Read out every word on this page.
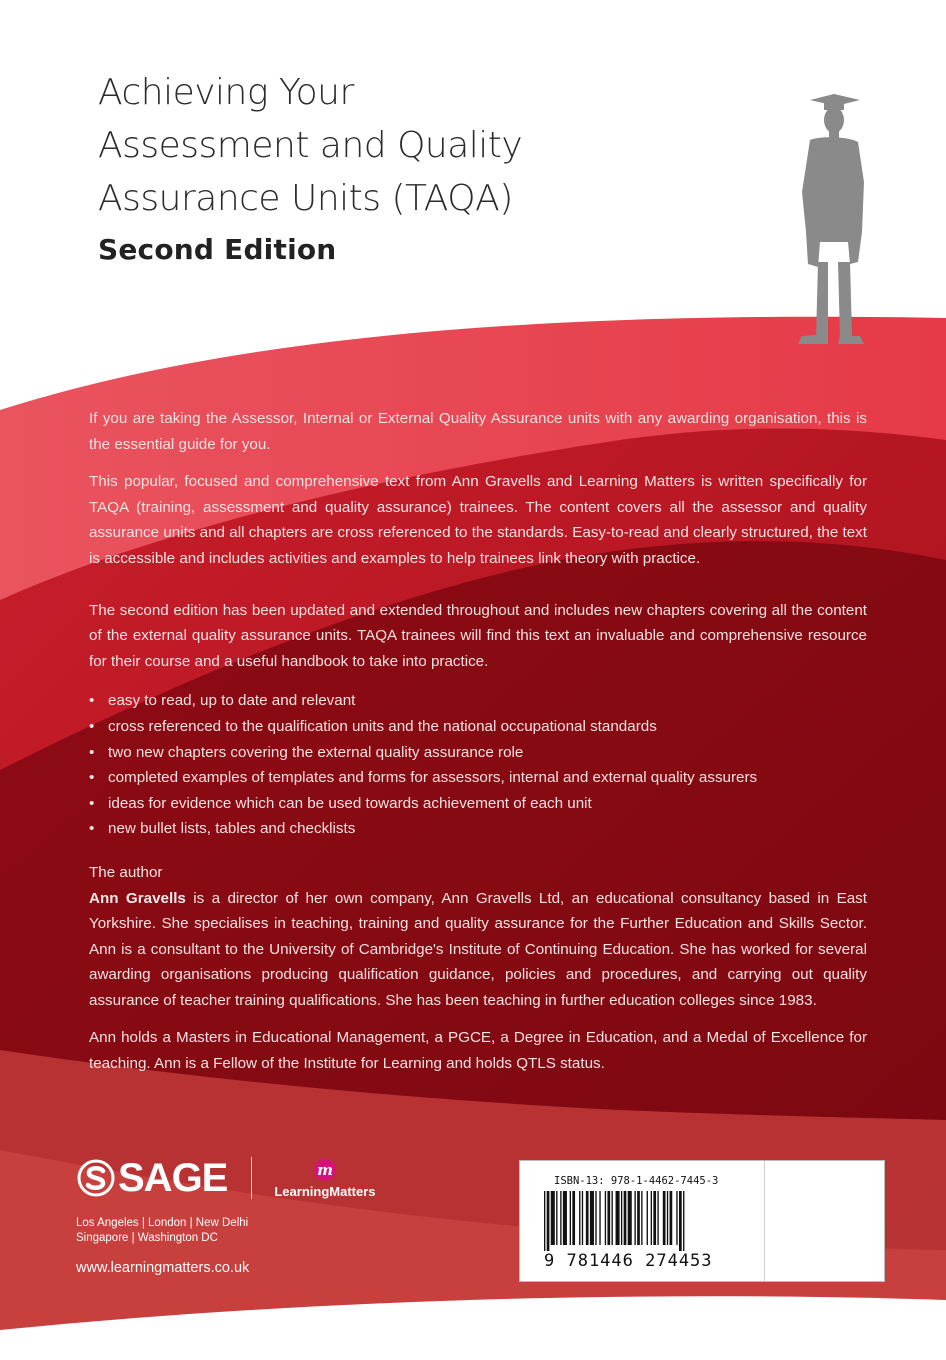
Achieving Your
Assessment and Quality
Assurance Units (TAQA)
Second Edition

If you are taking the Assessor, Internal or External Quality Assurance units with any awarding organisation, this is the essential guide for you.

This popular, focused and comprehensive text from Ann Gravells and Learning Matters is written specifically for TAQA (training, assessment and quality assurance) trainees. The content covers all the assessor and quality assurance units and all chapters are cross referenced to the standards. Easy-to-read and clearly structured, the text is accessible and includes activities and examples to help trainees link theory with practice.

The second edition has been updated and extended throughout and includes new chapters covering all the content of the external quality assurance units. TAQA trainees will find this text an invaluable and comprehensive resource for their course and a useful handbook to take into practice.

• easy to read, up to date and relevant
• cross referenced to the qualification units and the national occupational standards
• two new chapters covering the external quality assurance role
• completed examples of templates and forms for assessors, internal and external quality assurers
• ideas for evidence which can be used towards achievement of each unit
• new bullet lists, tables and checklists

The author

Ann Gravells is a director of her own company, Ann Gravells Ltd, an educational consultancy based in East Yorkshire. She specialises in teaching, training and quality assurance for the Further Education and Skills Sector. Ann is a consultant to the University of Cambridge's Institute of Continuing Education. She has worked for several awarding organisations producing qualification guidance, policies and procedures, and carrying out quality assurance of teacher training qualifications. She has been teaching in further education colleges since 1983.

Ann holds a Masters in Educational Management, a PGCE, a Degree in Education, and a Medal of Excellence for teaching. Ann is a Fellow of the Institute for Learning and holds QTLS status.

SAGE	m
LearningMatters
Los Angeles | London | New Delhi
Singapore | Washington DC
www.learningmatters.co.uk
ISBN-13: 978-1-4462-7445-3
9 781446 274453
